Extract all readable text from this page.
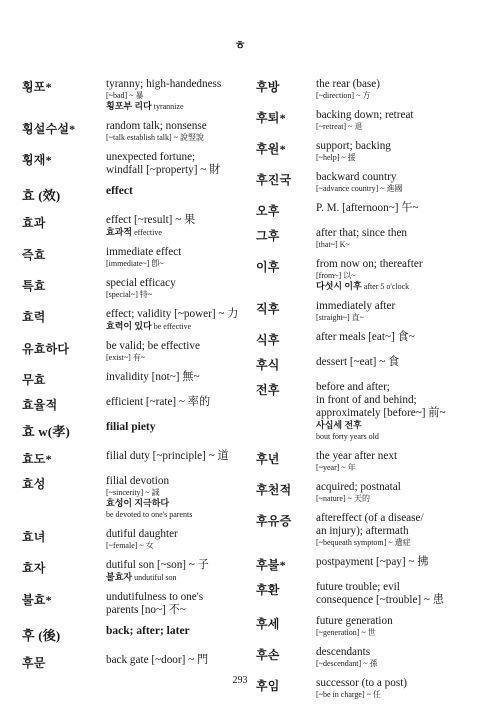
ㅎ
횡포*	tyranny; high-handedness
[~bad] ~ 暴
횡포부 리다 tyrannize
횡설수설*	random talk; nonsense
[~talk establish talk] ~ 說竪說
횡재*	unexpected fortune;
windfall [~property] ~ 財
효 (效)	effect
효과	effect [~result] ~ 果
효과적 effective
즉효	immediate effect
[immediate~] 卽~
특효	special efficacy
[special~] 特~
효력	effect; validity [~power] ~ 力
효력이 있다 be effective
유효하다	be valid; be effective
[exist~] 有~
무효	invalidity [not~] 無~
효율적	efficient [~rate] ~ 率的
효 w(孝)	filial piety
효도*	filial duty [~principle] ~ 道
효성	filial devotion
[~sincerity] ~ 誠
효성이 지극하다
be devoted to one's parents
효녀	dutiful daughter
[~female] ~ 女
효자	dutiful son [~son] ~ 子
불효자 undutiful son
불효*	undutifulness to one's
parents [no~] 不~
후 (後)	back; after; later
후문	back gate [~door] ~ 門
후방	the rear (base)
[~direction] ~ 方
후퇴*	backing down; retreat
[~retreat] ~ 退
후원*	support; backing
[~help] ~ 援
후진국	backward country
[~advance country] ~ 進國
오후	P. M. [afternoon~] 午~
그후	after that; since then
[that~] K~
이후	from now on; thereafter
[from~] 以~
다섯시 이후 after 5 o'clock
직후	immediately after
[straight~] 直~
식후	after meals [eat~] 食~
후식	dessert [~eat] ~ 食
전후	before and after;
in front of and behind;
approximately [before~] 前~
사십세 전후
bout forty years old
후년	the year after next
[~year] ~ 年
후천적	acquired; postnatal
[~nature] ~ 天的
후유증	aftereffect (of a disease/
an injury); aftermath
[~bequeath symptom] ~ 遺症
후불*	postpayment [~pay] ~ 拂
후환	future trouble; evil
consequence [~trouble] ~ 患
후세	future generation
[~generation] ~ 世
후손	descendants
[~descendant] ~ 孫
후임	successor (to a post)
[~be in charge] ~ 任
293
